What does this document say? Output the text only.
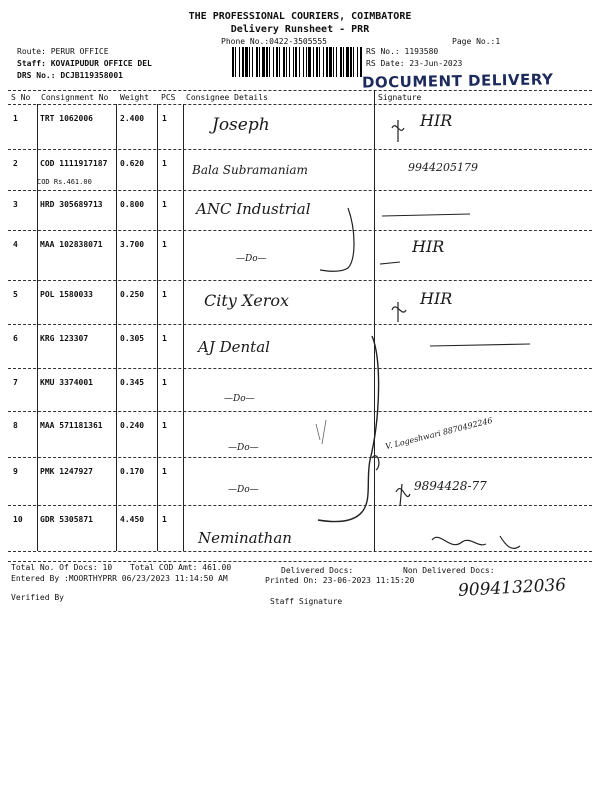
THE PROFESSIONAL COURIERS, COIMBATORE
Delivery Runsheet - PRR
Phone No.:0422-3505555	Page No.:1
Route: PERUR OFFICE
Staff: KOVAIPUDUR OFFICE DEL
DRS No.: DCJB119358001
RS No.: 1193580
RS Date: 23-Jun-2023
DOCUMENT DELIVERY
S No Consignment No Weight PCS Consignee Details	Signature
1	TRT 1062006	2.400 1	Joseph	HIR
2	COD 1111917187 0.620 1
COD Rs.461.00
Bala Subramaniam	9944205179
3	HRD 305689713 0.800 1 ANC Industrial
4	MAA 102838071 3.700 1
—Do—
HIR
5	POL 1580033	0.250 1 City Xerox	HIR
6	KRG 123307	0.305 1 AJ Dental
7	KMU 3374001	0.345 1
—Do—
8	MAA 571181361 0.240 1
—Do—	V. Logeshwari 8870492246
9	PMK 1247927	0.170 1
—Do—	9894428-77
10 GDR 5305871	4.450 1
Neminathan
Total No. Of Docs: 10 Total COD Amt: 461.00	Delivered Docs:	Non Delivered Docs:
Entered By :MOORTHYPRR 06/23/2023 11:14:50 AM	Printed On: 23-06-2023 11:15:20	9094132036
Verified By	Staff Signature
